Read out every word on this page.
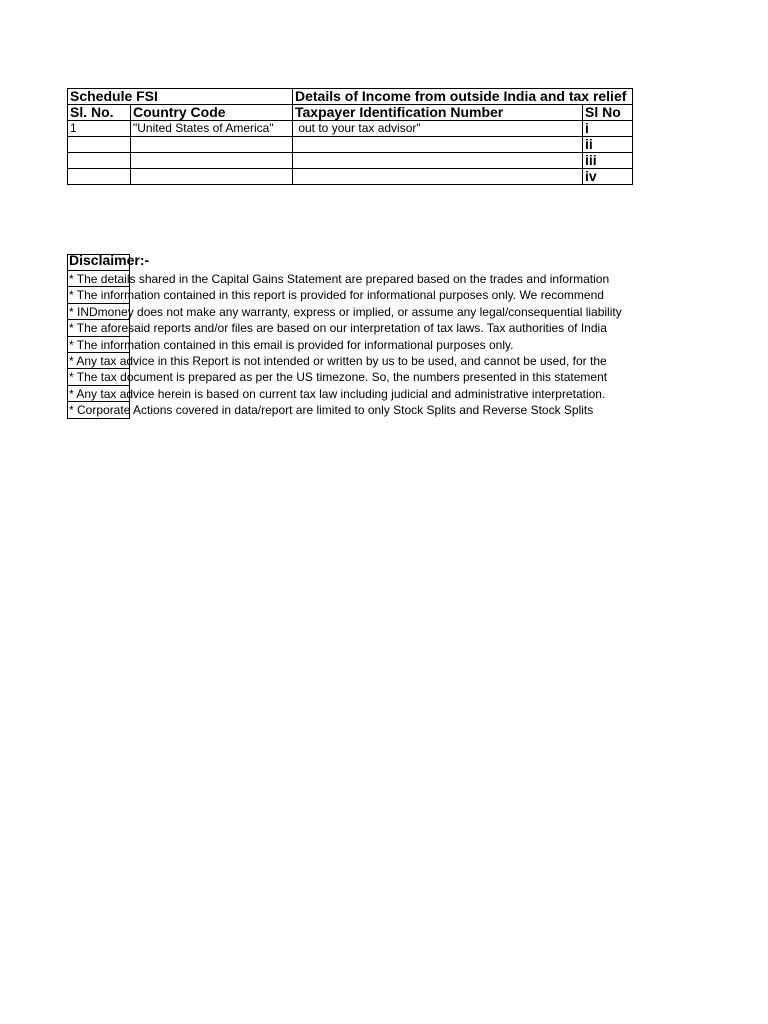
Schedule FSI		Details of Income from outside India and tax relief	
Sl. No.	Country Code	Taxpayer Identification Number	Sl No
1	"United States of America"	out to your tax advisor"	i
			ii
			iii
			iv
Disclaimer:-
* The details shared in the Capital Gains Statement are prepared based on the trades and information
* The information contained in this report is provided for informational purposes only. We recommend
* INDmoney does not make any warranty, express or implied, or assume any legal/consequential liability
* The aforesaid reports and/or files are based on our interpretation of tax laws. Tax authorities of India
* The information contained in this email is provided for informational purposes only.
* Any tax advice in this Report is not intended or written by us to be used, and cannot be used, for the
* The tax document is prepared as per the US timezone. So, the numbers presented in this statement
* Any tax advice herein is based on current tax law including judicial and administrative interpretation.
* Corporate Actions covered in data/report are limited to only Stock Splits and Reverse Stock Splits
